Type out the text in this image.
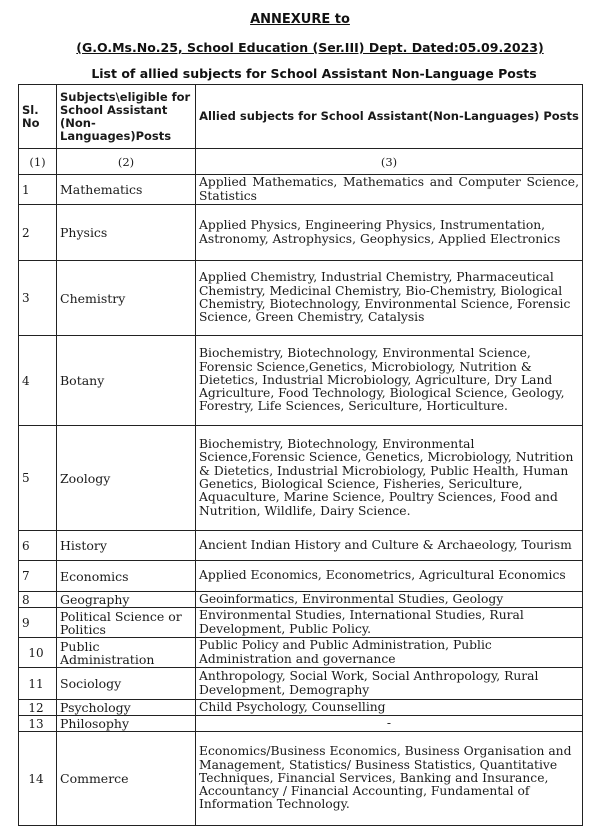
ANNEXURE to
(G.O.Ms.No.25, School Education (Ser.III) Dept. Dated:05.09.2023)
List of allied subjects for School Assistant Non-Language Posts
Sl. No	Subjects\eligible for School Assistant (Non-Languages)Posts	Allied subjects for School Assistant(Non-Languages) Posts
(1)	(2)	(3)
1	Mathematics	Applied Mathematics, Mathematics and Computer Science, Statistics
2	Physics	Applied Physics, Engineering Physics, Instrumentation, Astronomy, Astrophysics, Geophysics, Applied Electronics
3	Chemistry	Applied Chemistry, Industrial Chemistry, Pharmaceutical Chemistry, Medicinal Chemistry, Bio-Chemistry, Biological Chemistry, Biotechnology, Environmental Science, Forensic Science, Green Chemistry, Catalysis
4	Botany	Biochemistry, Biotechnology, Environmental Science, Forensic Science,Genetics, Microbiology, Nutrition & Dietetics, Industrial Microbiology, Agriculture, Dry Land Agriculture, Food Technology, Biological Science, Geology, Forestry, Life Sciences, Sericulture, Horticulture.
5	Zoology	Biochemistry, Biotechnology, Environmental Science,Forensic Science, Genetics, Microbiology, Nutrition & Dietetics, Industrial Microbiology, Public Health, Human Genetics, Biological Science, Fisheries, Sericulture, Aquaculture, Marine Science, Poultry Sciences, Food and Nutrition, Wildlife, Dairy Science.
6	History	Ancient Indian History and Culture & Archaeology, Tourism
7	Economics	Applied Economics, Econometrics, Agricultural Economics
8	Geography	Geoinformatics, Environmental Studies, Geology
9	Political Science or Politics	Environmental Studies, International Studies, Rural Development, Public Policy.
10	Public Administration	Public Policy and Public Administration, Public Administration and governance
11	Sociology	Anthropology, Social Work, Social Anthropology, Rural Development, Demography
12	Psychology	Child Psychology, Counselling
13	Philosophy	-
14	Commerce	Economics/Business Economics, Business Organisation and Management, Statistics/ Business Statistics, Quantitative Techniques, Financial Services, Banking and Insurance, Accountancy / Financial Accounting, Fundamental of Information Technology.
